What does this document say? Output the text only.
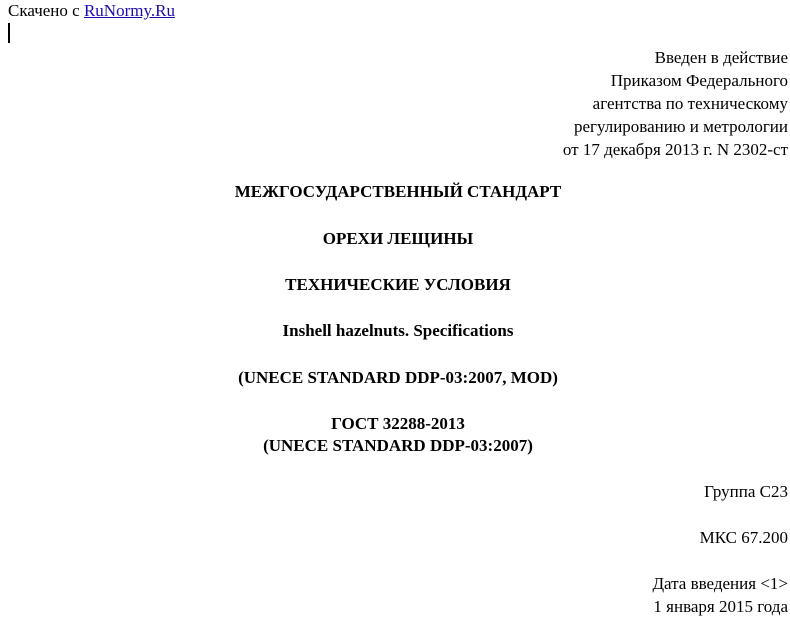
Скачено с RuNormy.Ru
Введен в действие
Приказом Федерального
агентства по техническому
регулированию и метрологии
от 17 декабря 2013 г. N 2302-ст
МЕЖГОСУДАРСТВЕННЫЙ СТАНДАРТ
ОРЕХИ ЛЕЩИНЫ
ТЕХНИЧЕСКИЕ УСЛОВИЯ
Inshell hazelnuts. Specifications
(UNECE STANDARD DDP-03:2007, MOD)
ГОСТ 32288-2013
(UNECE STANDARD DDP-03:2007)
Группа С23
МКС 67.200
Дата введения <1>
1 января 2015 года
